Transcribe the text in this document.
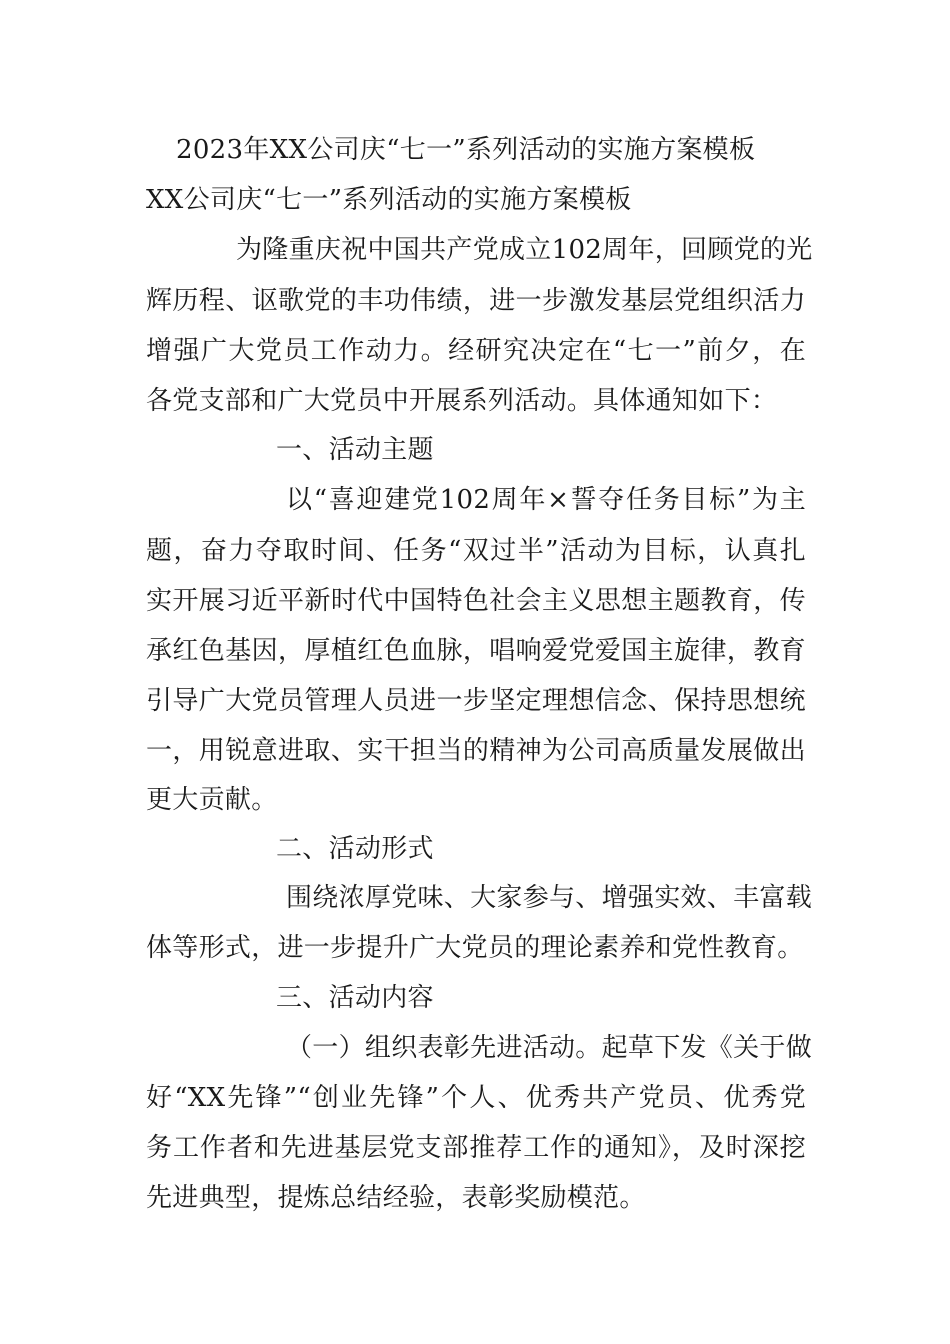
2023年XX公司庆“七一”系列活动的实施方案模板
XX公司庆“七一”系列活动的实施方案模板
为隆重庆祝中国共产党成立102周年，回顾党的光
辉历程、讴歌党的丰功伟绩，进一步激发基层党组织活力
增强广大党员工作动力。经研究决定在“七一”前夕，在
各党支部和广大党员中开展系列活动。具体通知如下：
一、活动主题
以“喜迎建党102周年×誓夺任务目标”为主
题，奋力夺取时间、任务“双过半”活动为目标，认真扎
实开展习近平新时代中国特色社会主义思想主题教育，传
承红色基因，厚植红色血脉，唱响爱党爱国主旋律，教育
引导广大党员管理人员进一步坚定理想信念、保持思想统
一，用锐意进取、实干担当的精神为公司高质量发展做出
更大贡献。
二、活动形式
围绕浓厚党味、大家参与、增强实效、丰富载
体等形式，进一步提升广大党员的理论素养和党性教育。
三、活动内容
（一）组织表彰先进活动。起草下发《关于做
好“XX先锋”“创业先锋”个人、优秀共产党员、优秀党
务工作者和先进基层党支部推荐工作的通知》，及时深挖
先进典型，提炼总结经验，表彰奖励模范。
